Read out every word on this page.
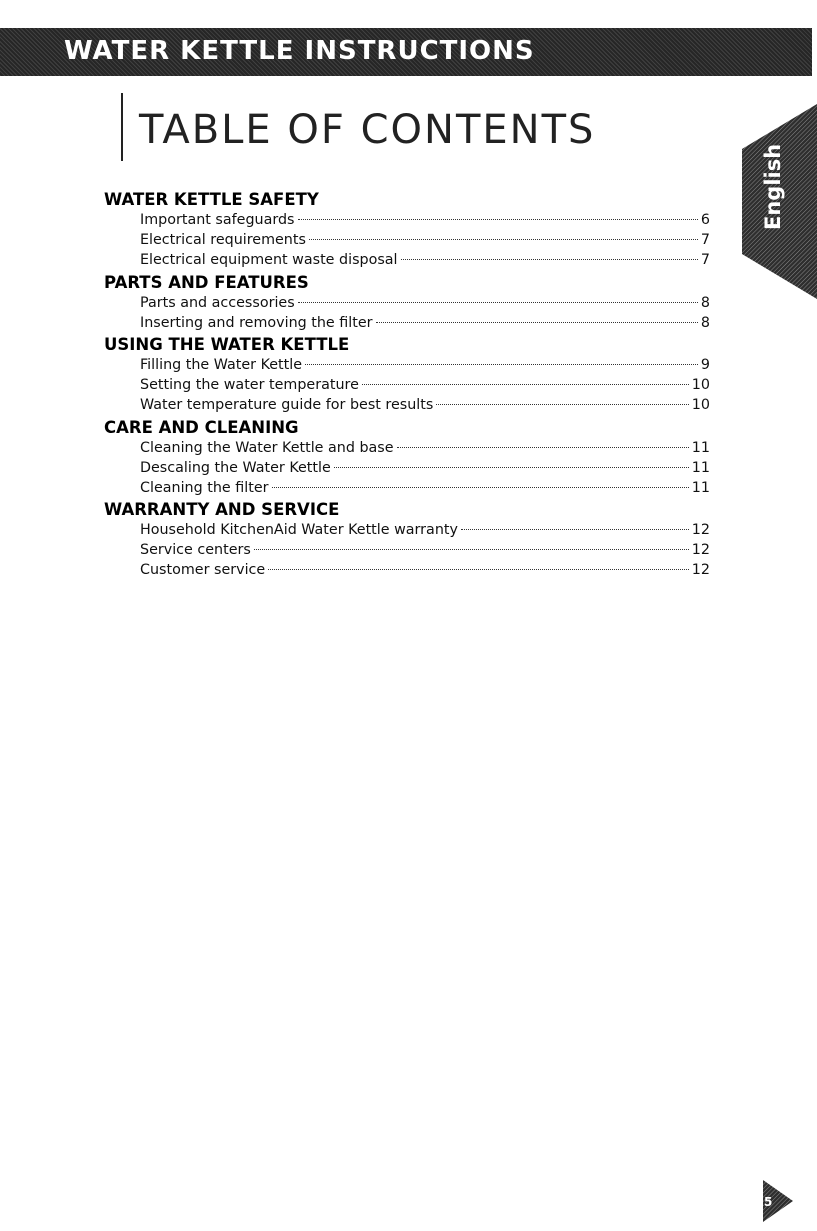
WATER KETTLE INSTRUCTIONS
TABLE OF CONTENTS
English
WATER KETTLE SAFETY
Important safeguards	6
Electrical requirements	7
Electrical equipment waste disposal	7
PARTS AND FEATURES
Parts and accessories	8
Inserting and removing the filter	8
USING THE WATER KETTLE
Filling the Water Kettle	9
Setting the water temperature	10
Water temperature guide for best results	10
CARE AND CLEANING
Cleaning the Water Kettle and base	11
Descaling the Water Kettle	11
Cleaning the filter	11
WARRANTY AND SERVICE
Household KitchenAid Water Kettle warranty	12
Service centers	12
Customer service	12
5
